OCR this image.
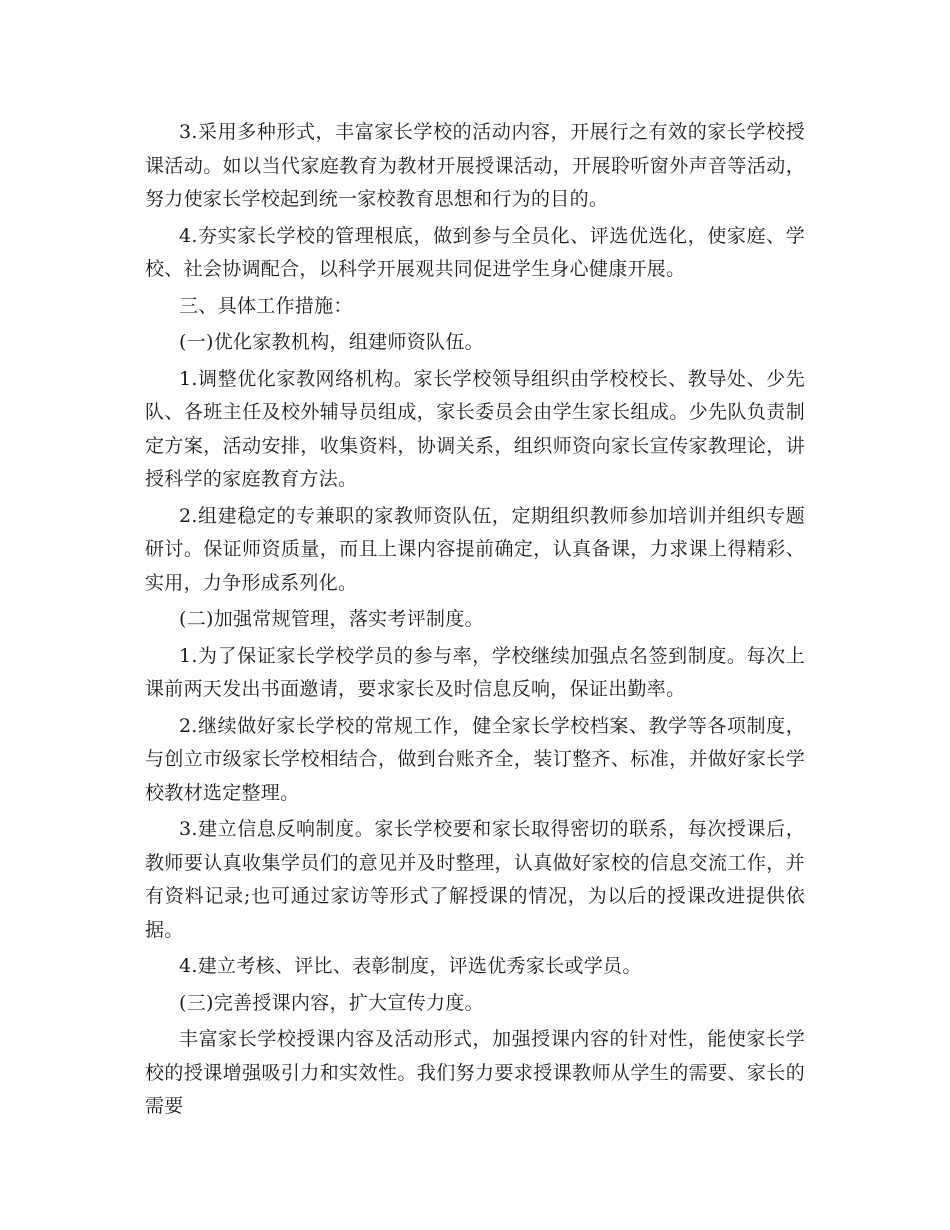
3.采用多种形式，丰富家长学校的活动内容，开展行之有效的家长学校授课活动。如以当代家庭教育为教材开展授课活动，开展聆听窗外声音等活动，努力使家长学校起到统一家校教育思想和行为的目的。

4.夯实家长学校的管理根底，做到参与全员化、评选优选化，使家庭、学校、社会协调配合，以科学开展观共同促进学生身心健康开展。

三、具体工作措施：

(一)优化家教机构，组建师资队伍。

1.调整优化家教网络机构。家长学校领导组织由学校校长、教导处、少先队、各班主任及校外辅导员组成，家长委员会由学生家长组成。少先队负责制定方案，活动安排，收集资料，协调关系，组织师资向家长宣传家教理论，讲授科学的家庭教育方法。

2.组建稳定的专兼职的家教师资队伍，定期组织教师参加培训并组织专题研讨。保证师资质量，而且上课内容提前确定，认真备课，力求课上得精彩、实用，力争形成系列化。

(二)加强常规管理，落实考评制度。

1.为了保证家长学校学员的参与率，学校继续加强点名签到制度。每次上课前两天发出书面邀请，要求家长及时信息反响，保证出勤率。

2.继续做好家长学校的常规工作，健全家长学校档案、教学等各项制度，与创立市级家长学校相结合，做到台账齐全，装订整齐、标准，并做好家长学校教材选定整理。

3.建立信息反响制度。家长学校要和家长取得密切的联系，每次授课后，教师要认真收集学员们的意见并及时整理，认真做好家校的信息交流工作，并有资料记录;也可通过家访等形式了解授课的情况，为以后的授课改进提供依据。

4.建立考核、评比、表彰制度，评选优秀家长或学员。

(三)完善授课内容，扩大宣传力度。

丰富家长学校授课内容及活动形式，加强授课内容的针对性，能使家长学校的授课增强吸引力和实效性。我们努力要求授课教师从学生的需要、家长的需要
